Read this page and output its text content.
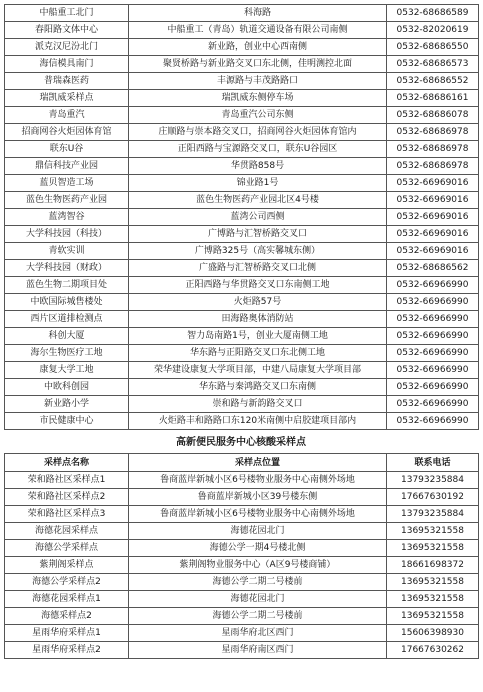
中船重工北门	科海路	0532-68686589
春阳路文体中心	中船重工（青岛）轨道交通设备有限公司南侧	0532-82020619
派克汉尼汾北门	新业路，创业中心西南侧	0532-68686550
海信模具南门	聚贤桥路与新业路交叉口东北侧，佳明测控北面	0532-68686573
普瑞森医药	丰源路与丰茂路路口	0532-68686552
瑞凯威采样点	瑞凯威东侧停车场	0532-68686161
青岛重汽	青岛重汽公司东侧	0532-68686078
招商网谷火炬园体育馆	庄顺路与崇本路交叉口，招商网谷火炬园体育馆内	0532-68686978
联东U谷	正阳西路与宝源路交叉口，联东U谷园区	0532-68686978
鼎信科技产业园	华贯路858号	0532-68686978
蓝贝智造工场	锦业路1号	0532-66969016
蓝色生物医药产业园	蓝色生物医药产业园北区4号楼	0532-66969016
蓝湾智谷	蓝湾公司西侧	0532-66969016
大学科技园（科技）	广博路与汇智桥路交叉口	0532-66969016
青软实训	广博路325号（高实馨城东侧）	0532-66969016
大学科技园（财政）	广盛路与汇智桥路交叉口北侧	0532-68686562
蓝色生物二期项目处	正阳西路与华贯路交叉口东南侧工地	0532-66966990
中欧国际城售楼处	火炬路57号	0532-66966990
西片区道排检测点	田海路奥体消防站	0532-66966990
科创大厦	智力岛南路1号，创业大厦南侧工地	0532-66966990
海尔生物医疗工地	华东路与正阳路交叉口东北侧工地	0532-66966990
康复大学工地	荣华建设康复大学项目部，中建八局康复大学项目部	0532-66966990
中欧科创园	华东路与秦鸿路交叉口东南侧	0532-66966990
新业路小学	崇和路与新韵路交叉口	0532-66966990
市民健康中心	火炬路丰和路路口东120米南侧中启胶建项目部内	0532-66966990
高新便民服务中心核酸采样点
采样点名称	采样点位置	联系电话
荣和路社区采样点1	鲁商蓝岸新城小区6号楼物业服务中心南侧外场地	13793235884
荣和路社区采样点2	鲁商蓝岸新城小区39号楼东侧	17667630192
荣和路社区采样点3	鲁商蓝岸新城小区6号楼物业服务中心南侧外场地	13793235884
海德花园采样点	海德花园北门	13695321558
海德公学采样点	海德公学一期4号楼北侧	13695321558
紫荆阁采样点	紫荆阁物业服务中心（A区9号楼商铺）	18661698372
海德公学采样点2	海德公学二期二号楼前	13695321558
海德花园采样点1	海德花园北门	13695321558
海德采样点2	海德公学二期二号楼前	13695321558
星雨华府采样点1	星雨华府北区西门	15606398930
星雨华府采样点2	星雨华府南区西门	17667630262
